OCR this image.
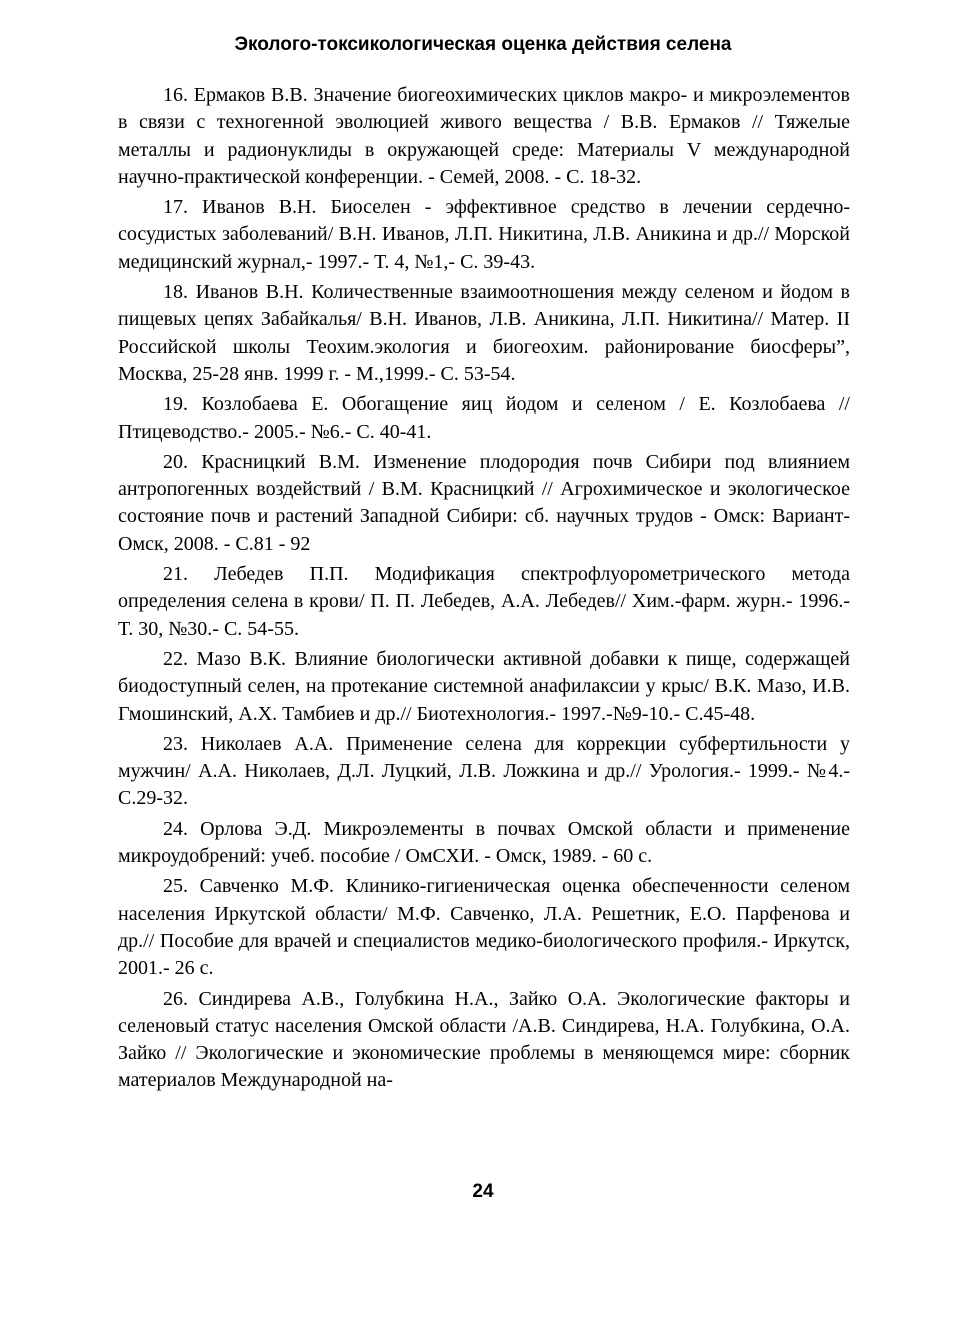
Эколого-токсикологическая оценка действия селена

16. Ермаков В.В. Значение биогеохимических циклов макро- и микроэлементов в связи с техногенной эволюцией живого вещества / В.В. Ермаков // Тяжелые металлы и радионуклиды в окружающей среде: Материалы V международной научно-практической конференции. - Семей, 2008. - С. 18-32.

17. Иванов В.Н. Биоселен - эффективное средство в лечении сердечно-сосудистых заболеваний/ В.Н. Иванов, Л.П. Никитина, Л.В. Аникина и др.// Морской медицинский журнал,- 1997.- Т. 4, №1,- С. 39-43.

18. Иванов В.Н. Количественные взаимоотношения между селеном и йодом в пищевых цепях Забайкалья/ В.Н. Иванов, Л.В. Аникина, Л.П. Никитина// Матер. II Российской школы Теохим.экология и биогеохим. районирование биосферы”, Москва, 25-28 янв. 1999 г. - М.,1999.- С. 53-54.

19. Козлобаева Е. Обогащение яиц йодом и селеном / Е. Козлобаева // Птицеводство.- 2005.- №6.- С. 40-41.

20. Красницкий В.М. Изменение плодородия почв Сибири под влиянием антропогенных воздействий / В.М. Красницкий // Агрохимическое и экологическое состояние почв и растений Западной Сибири: сб. научных трудов - Омск: Вариант-Омск, 2008. - С.81 - 92

21. Лебедев П.П. Модификация спектрофлуорометрического метода определения селена в крови/ П. П. Лебедев, А.А. Лебедев// Хим.-фарм. журн.- 1996.- Т. 30, №30.- С. 54-55.

22. Мазо В.К. Влияние биологически активной добавки к пище, содержащей биодоступный селен, на протекание системной анафилаксии у крыс/ В.К. Мазо, И.В. Гмошинский, А.Х. Тамбиев и др.// Биотехнология.- 1997.-№9-10.- С.45-48.

23. Николаев А.А. Применение селена для коррекции субфертильности у мужчин/ А.А. Николаев, Д.Л. Луцкий, Л.В. Ложкина и др.// Урология.- 1999.- №4.- С.29-32.

24. Орлова Э.Д. Микроэлементы в почвах Омской области и применение микроудобрений: учеб. пособие / ОмСХИ. - Омск, 1989. - 60 с.

25. Савченко М.Ф. Клинико-гигиеническая оценка обеспеченности селеном населения Иркутской области/ М.Ф. Савченко, Л.А. Решетник, Е.О. Парфенова и др.// Пособие для врачей и специалистов медико-биологического профиля.- Иркутск, 2001.- 26 с.

26. Синдирева А.В., Голубкина Н.А., Зайко О.А. Экологические факторы и селеновый статус населения Омской области /А.В. Синдирева, Н.А. Голубкина, О.А. Зайко // Экологические и экономические проблемы в меняющемся мире: сборник материалов Международной на-

24
